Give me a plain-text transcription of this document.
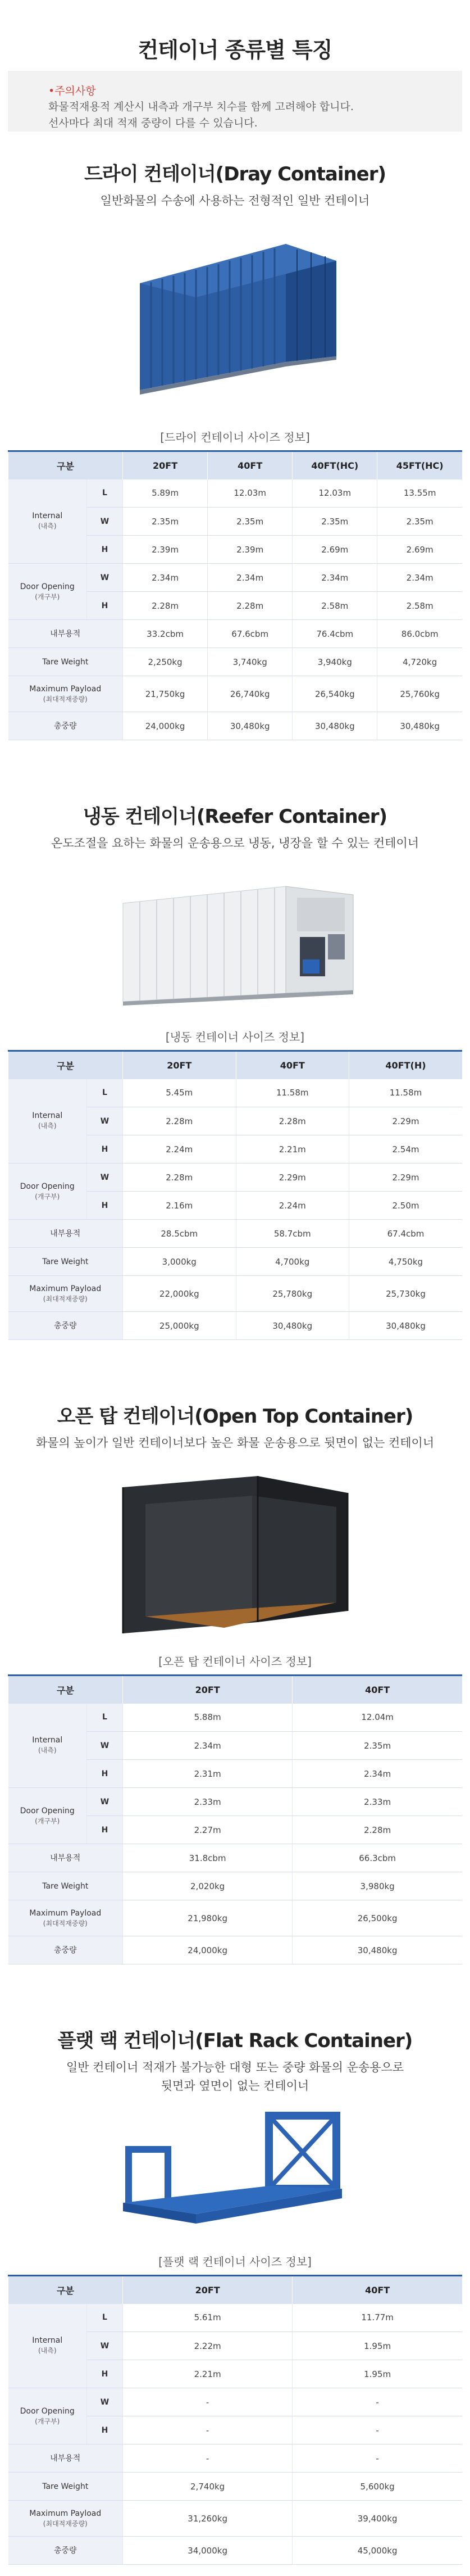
컨테이너 종류별 특징
•주의사항
화물적재용적 계산시 내측과 개구부 치수를 함께 고려해야 합니다.
선사마다 최대 적재 중량이 다를 수 있습니다.
드라이 컨테이너(Dray Container)
일반화물의 수송에 사용하는 전형적인 일반 컨테이너
[드라이 컨테이너 사이즈 정보]
구분		20FT	40FT	40FT(HC)	45FT(HC)
Internal
(내측)	L	5.89m	12.03m	12.03m	13.55m
	W	2.35m	2.35m	2.35m	2.35m
	H	2.39m	2.39m	2.69m	2.69m
Door Opening
(개구부)	W	2.34m	2.34m	2.34m	2.34m
	H	2.28m	2.28m	2.58m	2.58m
내부용적		33.2cbm	67.6cbm	76.4cbm	86.0cbm
Tare Weight		2,250kg	3,740kg	3,940kg	4,720kg
Maximum Payload
(최대적재중량)		21,750kg	26,740kg	26,540kg	25,760kg
총중량		24,000kg	30,480kg	30,480kg	30,480kg
냉동 컨테이너(Reefer Container)
온도조절을 요하는 화물의 운송용으로 냉동, 냉장을 할 수 있는 컨테이너
[냉동 컨테이너 사이즈 정보]
구분		20FT	40FT	40FT(H)
Internal
(내측)	L	5.45m	11.58m	11.58m
	W	2.28m	2.28m	2.29m
	H	2.24m	2.21m	2.54m
Door Opening
(개구부)	W	2.28m	2.29m	2.29m
	H	2.16m	2.24m	2.50m
내부용적		28.5cbm	58.7cbm	67.4cbm
Tare Weight		3,000kg	4,700kg	4,750kg
Maximum Payload
(최대적재중량)		22,000kg	25,780kg	25,730kg
총중량		25,000kg	30,480kg	30,480kg
오픈 탑 컨테이너(Open Top Container)
화물의 높이가 일반 컨테이너보다 높은 화물 운송용으로 뒷면이 없는 컨테이너
[오픈 탑 컨테이너 사이즈 정보]
구분		20FT	40FT
Internal
(내측)	L	5.88m	12.04m
	W	2.34m	2.35m
	H	2.31m	2.34m
Door Opening
(개구부)	W	2.33m	2.33m
	H	2.27m	2.28m
내부용적		31.8cbm	66.3cbm
Tare Weight		2,020kg	3,980kg
Maximum Payload
(최대적재중량)		21,980kg	26,500kg
총중량		24,000kg	30,480kg
플랫 랙 컨테이너(Flat Rack Container)
일반 컨테이너 적재가 불가능한 대형 또는 중량 화물의 운송용으로
뒷면과 옆면이 없는 컨테이너
[플랫 랙 컨테이너 사이즈 정보]
구분		20FT	40FT
Internal
(내측)	L	5.61m	11.77m
	W	2.22m	1.95m
	H	2.21m	1.95m
Door Opening
(개구부)	W	-	-
	H	-	-
내부용적		-	-
Tare Weight		2,740kg	5,600kg
Maximum Payload
(최대적재중량)		31,260kg	39,400kg
총중량		34,000kg	45,000kg
